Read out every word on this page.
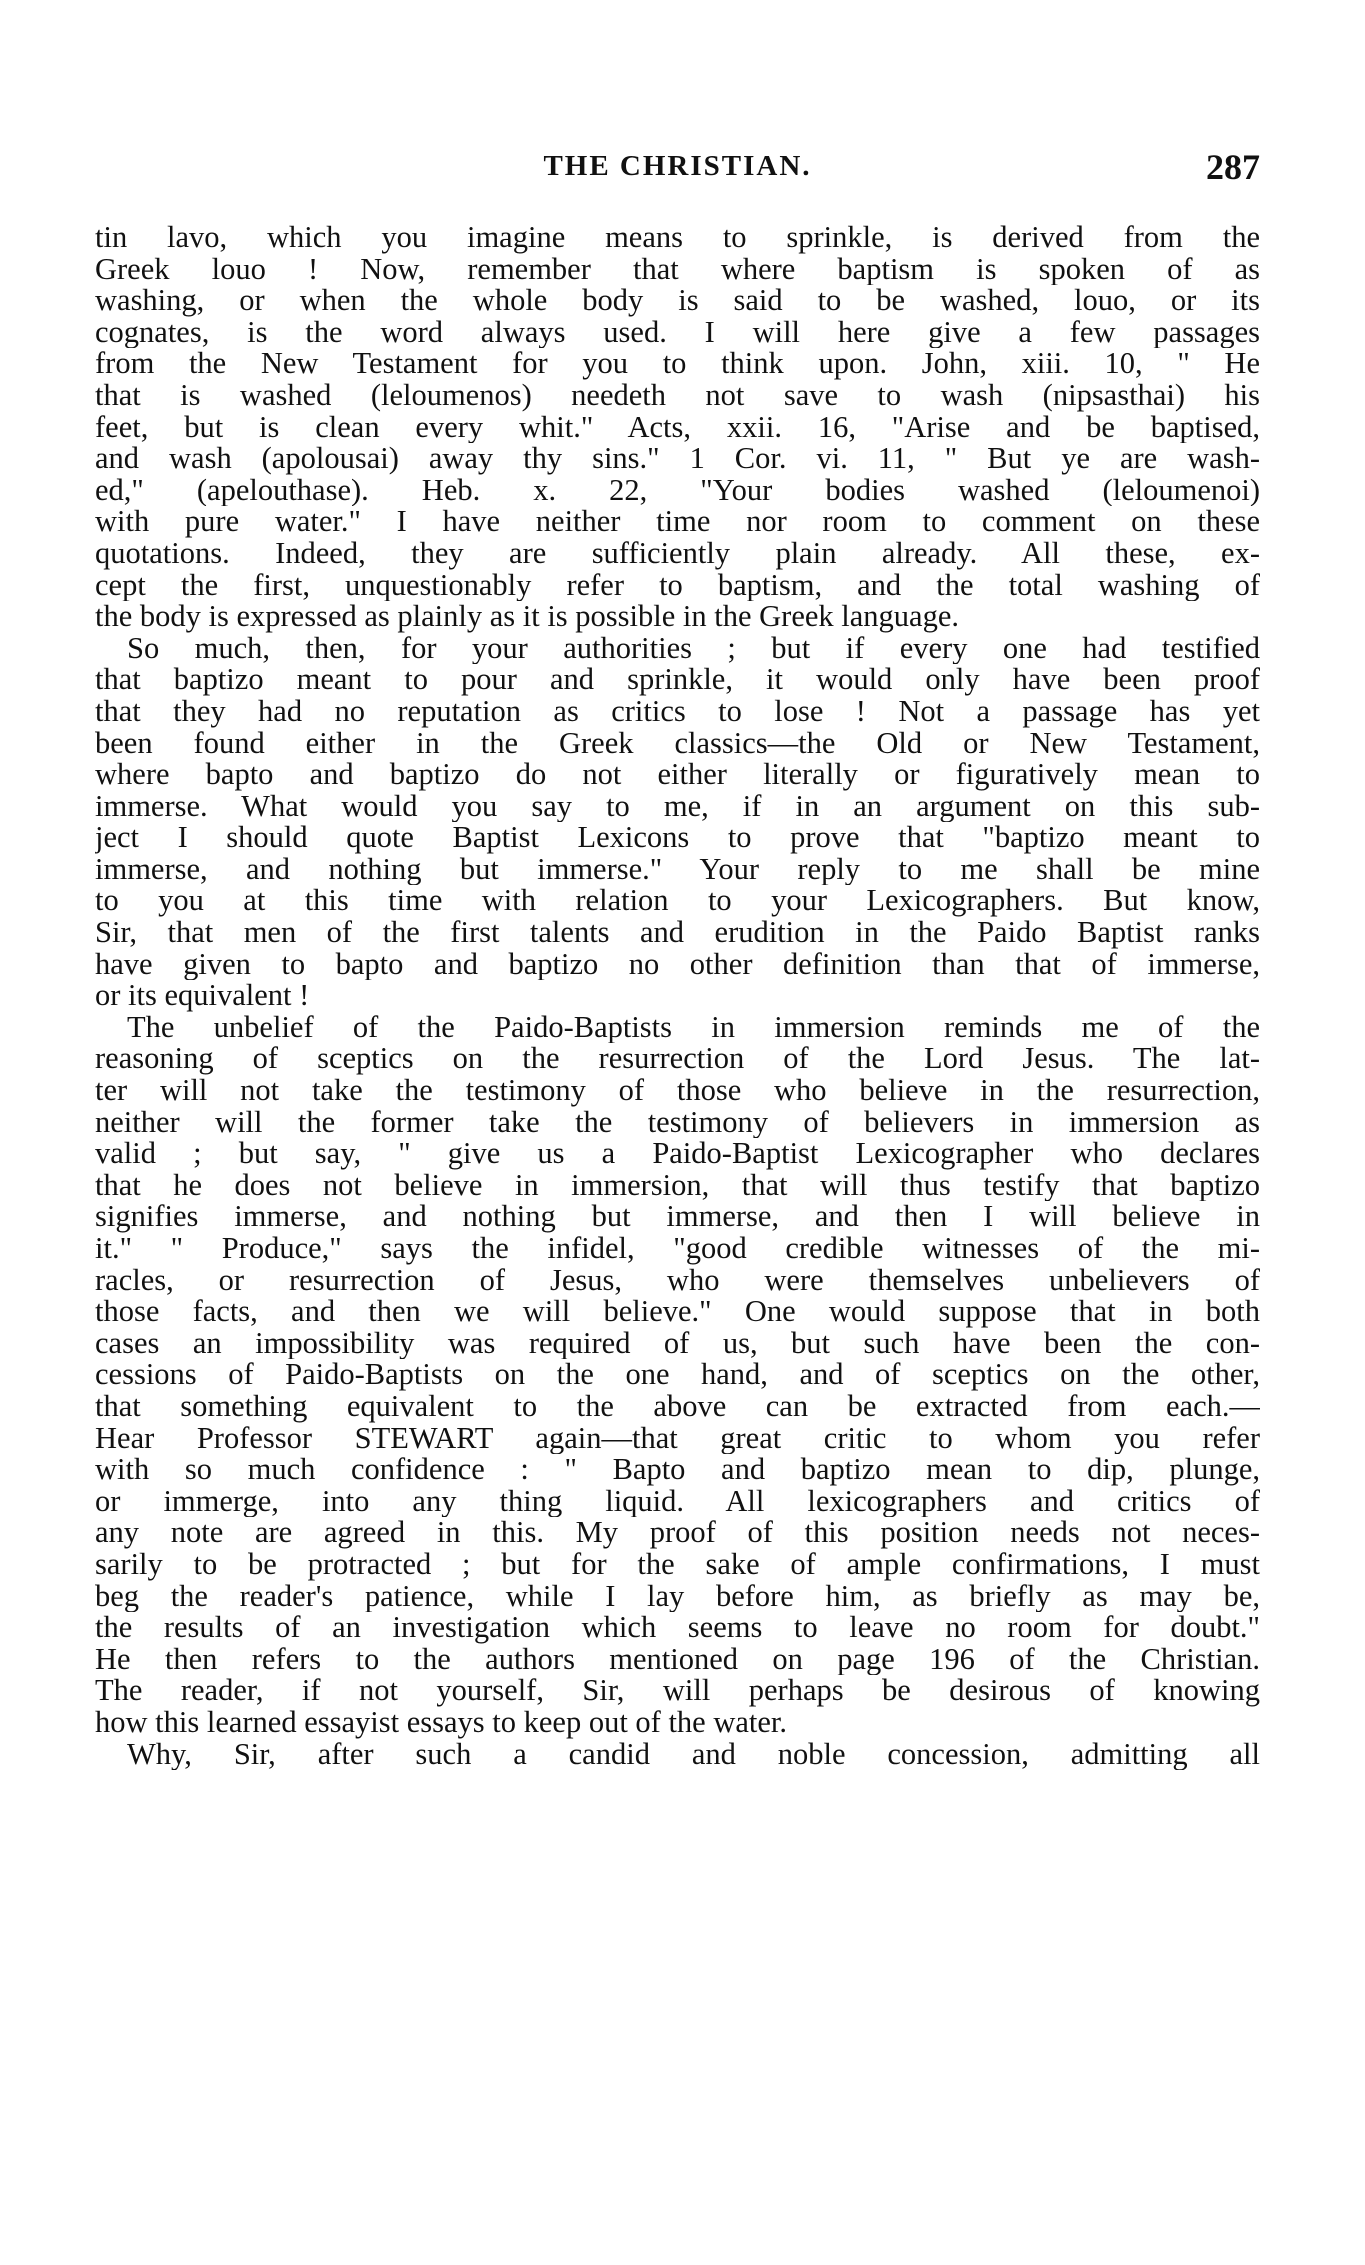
THE CHRISTIAN.	287
tin lavo, which you imagine means to sprinkle, is derived from the
Greek louo ! Now, remember that where baptism is spoken of as
washing, or when the whole body is said to be washed, louo, or its
cognates, is the word always used. I will here give a few passages
from the New Testament for you to think upon. John, xiii. 10, " He
that is washed (leloumenos) needeth not save to wash (nipsasthai) his
feet, but is clean every whit." Acts, xxii. 16, "Arise and be baptised,
and wash (apolousai) away thy sins." 1 Cor. vi. 11, " But ye are wash-
ed," (apelouthase). Heb. x. 22, "Your bodies washed (leloumenoi)
with pure water." I have neither time nor room to comment on these
quotations. Indeed, they are sufficiently plain already. All these, ex-
cept the first, unquestionably refer to baptism, and the total washing of
the body is expressed as plainly as it is possible in the Greek language.
So much, then, for your authorities ; but if every one had testified
that baptizo meant to pour and sprinkle, it would only have been proof
that they had no reputation as critics to lose ! Not a passage has yet
been found either in the Greek classics—the Old or New Testament,
where bapto and baptizo do not either literally or figuratively mean to
immerse. What would you say to me, if in an argument on this sub-
ject I should quote Baptist Lexicons to prove that "baptizo meant to
immerse, and nothing but immerse." Your reply to me shall be mine
to you at this time with relation to your Lexicographers. But know,
Sir, that men of the first talents and erudition in the Paido Baptist ranks
have given to bapto and baptizo no other definition than that of immerse,
or its equivalent !
The unbelief of the Paido-Baptists in immersion reminds me of the
reasoning of sceptics on the resurrection of the Lord Jesus. The lat-
ter will not take the testimony of those who believe in the resurrection,
neither will the former take the testimony of believers in immersion as
valid ; but say, " give us a Paido-Baptist Lexicographer who declares
that he does not believe in immersion, that will thus testify that baptizo
signifies immerse, and nothing but immerse, and then I will believe in
it." " Produce," says the infidel, "good credible witnesses of the mi-
racles, or resurrection of Jesus, who were themselves unbelievers of
those facts, and then we will believe." One would suppose that in both
cases an impossibility was required of us, but such have been the con-
cessions of Paido-Baptists on the one hand, and of sceptics on the other,
that something equivalent to the above can be extracted from each.—
Hear Professor STEWART again—that great critic to whom you refer
with so much confidence : " Bapto and baptizo mean to dip, plunge,
or immerge, into any thing liquid. All lexicographers and critics of
any note are agreed in this. My proof of this position needs not neces-
sarily to be protracted ; but for the sake of ample confirmations, I must
beg the reader's patience, while I lay before him, as briefly as may be,
the results of an investigation which seems to leave no room for doubt."
He then refers to the authors mentioned on page 196 of the Christian.
The reader, if not yourself, Sir, will perhaps be desirous of knowing
how this learned essayist essays to keep out of the water.
Why, Sir, after such a candid and noble concession, admitting all
